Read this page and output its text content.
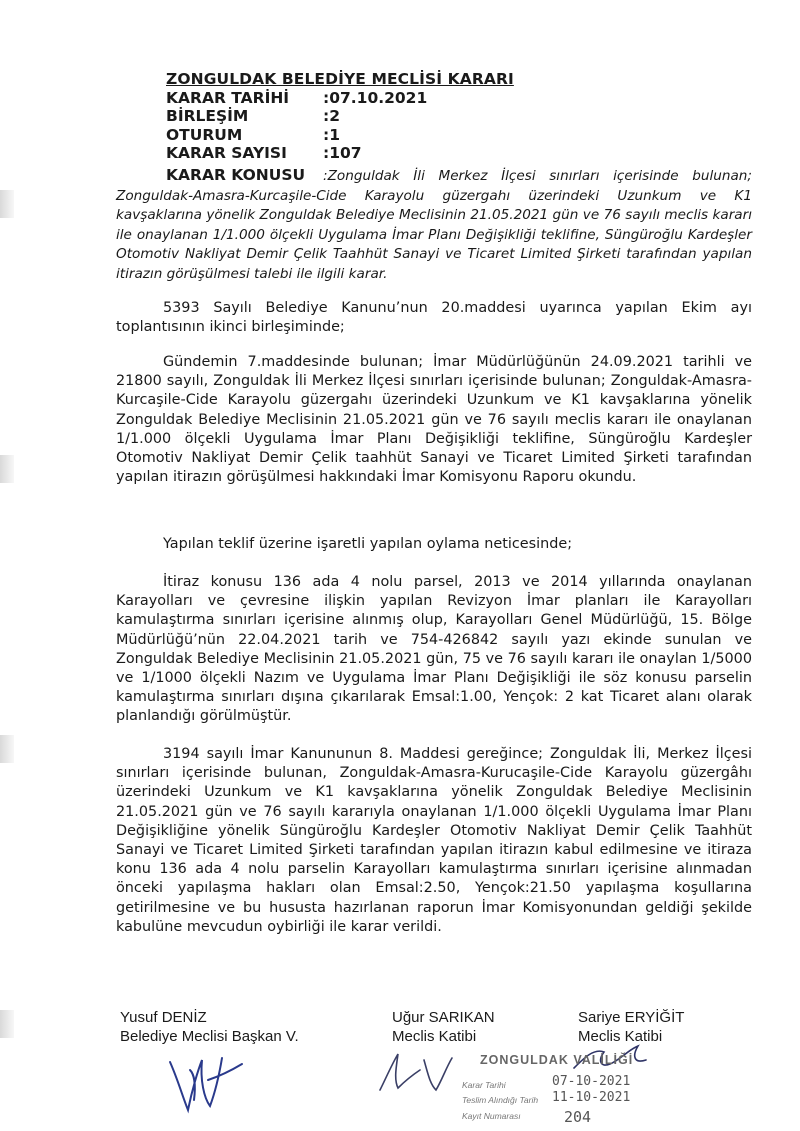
ZONGULDAK BELEDİYE MECLİSİ KARARI
KARAR TARİHİ	:07.10.2021
BİRLEŞİM	:2
OTURUM	:1
KARAR SAYISI	:107
KARAR KONUSU :Zonguldak İli Merkez İlçesi sınırları içerisinde bulunan; Zonguldak-Amasra-Kurcaşile-Cide Karayolu güzergahı üzerindeki Uzunkum ve K1 kavşaklarına yönelik Zonguldak Belediye Meclisinin 21.05.2021 gün ve 76 sayılı meclis kararı ile onaylanan 1/1.000 ölçekli Uygulama İmar Planı Değişikliği teklifine, Süngüroğlu Kardeşler Otomotiv Nakliyat Demir Çelik Taahhüt Sanayi ve Ticaret Limited Şirketi tarafından yapılan itirazın görüşülmesi talebi ile ilgili karar.
5393 Sayılı Belediye Kanunu’nun 20.maddesi uyarınca yapılan Ekim ayı toplantısının ikinci birleşiminde;
Gündemin 7.maddesinde bulunan; İmar Müdürlüğünün 24.09.2021 tarihli ve 21800 sayılı, Zonguldak İli Merkez İlçesi sınırları içerisinde bulunan; Zonguldak-Amasra-Kurcaşile-Cide Karayolu güzergahı üzerindeki Uzunkum ve K1 kavşaklarına yönelik Zonguldak Belediye Meclisinin 21.05.2021 gün ve 76 sayılı meclis kararı ile onaylanan 1/1.000 ölçekli Uygulama İmar Planı Değişikliği teklifine, Süngüroğlu Kardeşler Otomotiv Nakliyat Demir Çelik taahhüt Sanayi ve Ticaret Limited Şirketi tarafından yapılan itirazın görüşülmesi hakkındaki İmar Komisyonu Raporu okundu.
Yapılan teklif üzerine işaretli yapılan oylama neticesinde;
İtiraz konusu 136 ada 4 nolu parsel, 2013 ve 2014 yıllarında onaylanan Karayolları ve çevresine ilişkin yapılan Revizyon İmar planları ile Karayolları kamulaştırma sınırları içerisine alınmış olup, Karayolları Genel Müdürlüğü, 15. Bölge Müdürlüğü’nün 22.04.2021 tarih ve 754-426842 sayılı yazı ekinde sunulan ve Zonguldak Belediye Meclisinin 21.05.2021 gün, 75 ve 76 sayılı kararı ile onaylan 1/5000 ve 1/1000 ölçekli Nazım ve Uygulama İmar Planı Değişikliği ile söz konusu parselin kamulaştırma sınırları dışına çıkarılarak Emsal:1.00, Yençok: 2 kat Ticaret alanı olarak planlandığı görülmüştür.
3194 sayılı İmar Kanununun 8. Maddesi gereğince; Zonguldak İli, Merkez İlçesi sınırları içerisinde bulunan, Zonguldak-Amasra-Kurucaşile-Cide Karayolu güzergâhı üzerindeki Uzunkum ve K1 kavşaklarına yönelik Zonguldak Belediye Meclisinin 21.05.2021 gün ve 76 sayılı kararıyla onaylanan 1/1.000 ölçekli Uygulama İmar Planı Değişikliğine yönelik Süngüroğlu Kardeşler Otomotiv Nakliyat Demir Çelik Taahhüt Sanayi ve Ticaret Limited Şirketi tarafından yapılan itirazın kabul edilmesine ve itiraza konu 136 ada 4 nolu parselin Karayolları kamulaştırma sınırları içerisine alınmadan önceki yapılaşma hakları olan Emsal:2.50, Yençok:21.50 yapılaşma koşullarına getirilmesine ve bu hususta hazırlanan raporun İmar Komisyonundan geldiği şekilde kabulüne mevcudun oybirliği ile karar verildi.
Yusuf DENİZ
Belediye Meclisi Başkan V.
Uğur SARIKAN
Meclis Katibi
Sariye ERYİĞİT
Meclis Katibi
ZONGULDAK VALİLİĞİ
Karar Tarihi	07-10-2021
Teslim Alındığı Tarih 11-10-2021
Kayıt Numarası	204
